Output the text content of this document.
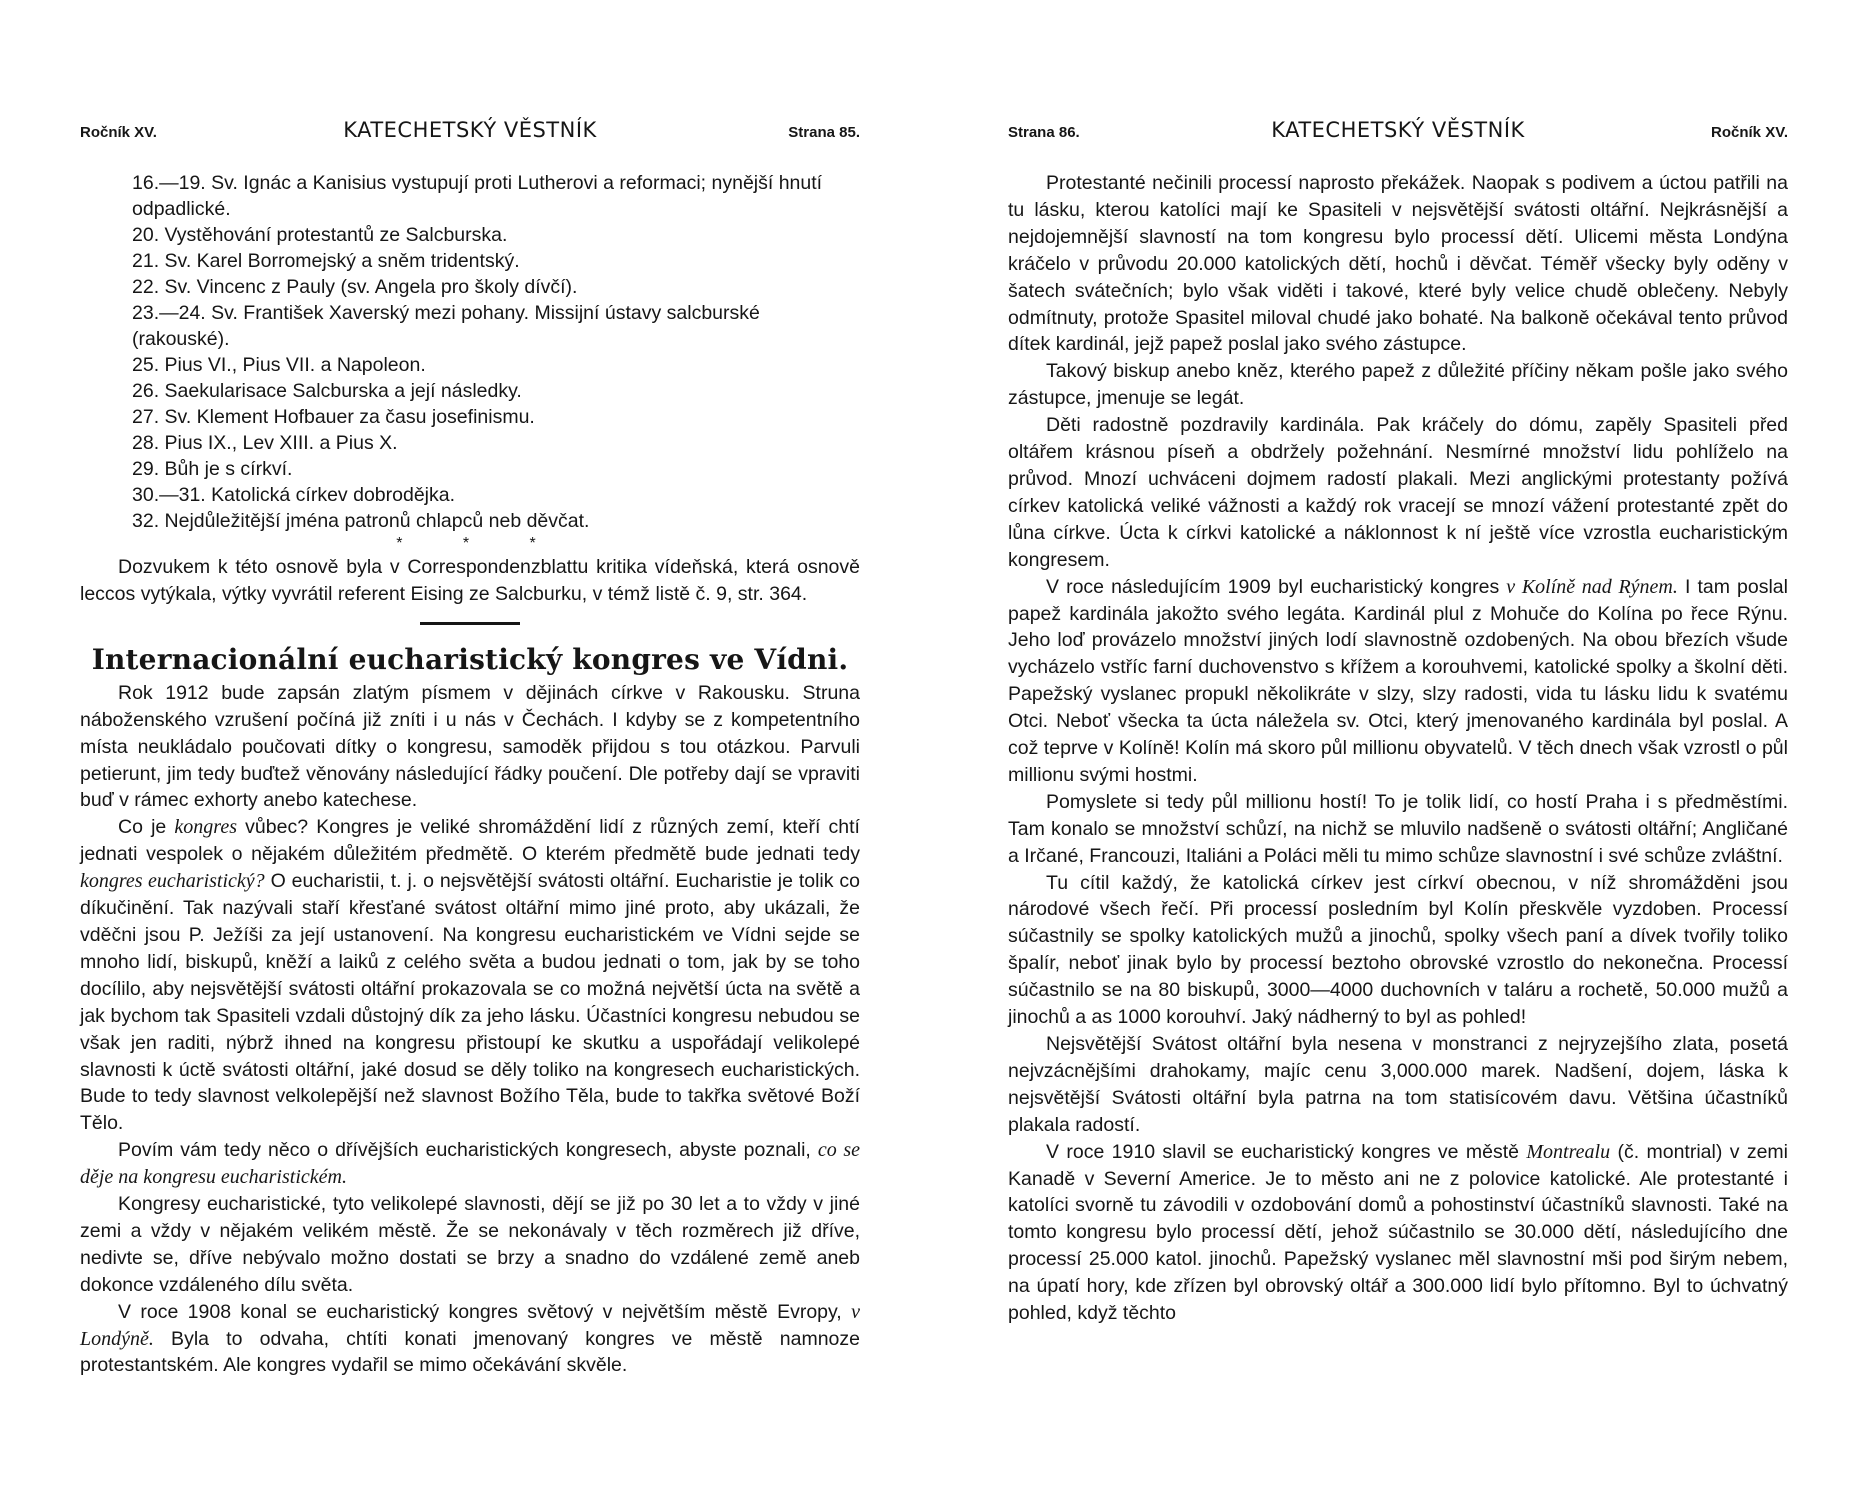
Ročník XV.	KATECHETSKÝ VĚSTNÍK	Strana 85.
16.—19. Sv. Ignác a Kanisius vystupují proti Lutherovi a reformaci; nynější hnutí odpadlické.
20. Vystěhování protestantů ze Salcburska.
21. Sv. Karel Borromejský a sněm tridentský.
22. Sv. Vincenc z Pauly (sv. Angela pro školy dívčí).
23.—24. Sv. František Xaverský mezi pohany. Missijní ústavy salcburské (rakouské).
25. Pius VI., Pius VII. a Napoleon.
26. Saekularisace Salcburska a její následky.
27. Sv. Klement Hofbauer za času josefinismu.
28. Pius IX., Lev XIII. a Pius X.
29. Bůh je s církví.
30.—31. Katolická církev dobrodějka.
32. Nejdůležitější jména patronů chlapců neb děvčat.
* * *

Dozvukem k této osnově byla v Correspondenzblattu kritika vídeňská, která osnově leccos vytýkala, výtky vyvrátil referent Eising ze Salcburku, v témž listě č. 9, str. 364.

Internacionální eucharistický kongres ve Vídni.

Rok 1912 bude zapsán zlatým písmem v dějinách církve v Rakousku. Struna náboženského vzrušení počíná již zníti i u nás v Čechách. I kdyby se z kompetentního místa neukládalo poučovati dítky o kongresu, samoděk přijdou s tou otázkou. Parvuli petierunt, jim tedy buďtež věnovány následující řádky poučení. Dle potřeby dají se vpraviti buď v rámec exhorty anebo katechese.

Co je kongres vůbec? Kongres je veliké shromáždění lidí z různých zemí, kteří chtí jednati vespolek o nějakém důležitém předmětě. O kterém předmětě bude jednati tedy kongres eucharistický? O eucharistii, t. j. o nejsvětější svátosti oltářní. Eucharistie je tolik co díkučinění. Tak nazývali staří křesťané svátost oltářní mimo jiné proto, aby ukázali, že vděčni jsou P. Ježíši za její ustanovení. Na kongresu eucharistickém ve Vídni sejde se mnoho lidí, biskupů, kněží a laiků z celého světa a budou jednati o tom, jak by se toho docílilo, aby nejsvětější svátosti oltářní prokazovala se co možná největší úcta na světě a jak bychom tak Spasiteli vzdali důstojný dík za jeho lásku. Účastníci kongresu nebudou se však jen raditi, nýbrž ihned na kongresu přistoupí ke skutku a uspořádají velikolepé slavnosti k úctě svátosti oltářní, jaké dosud se děly toliko na kongresech eucharistických. Bude to tedy slavnost velkolepější než slavnost Božího Těla, bude to takřka světové Boží Tělo.

Povím vám tedy něco o dřívějších eucharistických kongresech, abyste poznali, co se děje na kongresu eucharistickém.

Kongresy eucharistické, tyto velikolepé slavnosti, dějí se již po 30 let a to vždy v jiné zemi a vždy v nějakém velikém městě. Že se nekonávaly v těch rozměrech již dříve, nedivte se, dříve nebývalo možno dostati se brzy a snadno do vzdálené země aneb dokonce vzdáleného dílu světa.

V roce 1908 konal se eucharistický kongres světový v největším městě Evropy, v Londýně. Byla to odvaha, chtíti konati jmenovaný kongres ve městě namnoze protestantském. Ale kongres vydařil se mimo očekávání skvěle.

Strana 86.	KATECHETSKÝ VĚSTNÍK	Ročník XV.

Protestanté nečinili processí naprosto překážek. Naopak s podivem a úctou patřili na tu lásku, kterou katolíci mají ke Spasiteli v nejsvětější svátosti oltářní. Nejkrásnější a nejdojemnější slavností na tom kongresu bylo processí dětí. Ulicemi města Londýna kráčelo v průvodu 20.000 katolických dětí, hochů i děvčat. Téměř všecky byly oděny v šatech svátečních; bylo však viděti i takové, které byly velice chudě oblečeny. Nebyly odmítnuty, protože Spasitel miloval chudé jako bohaté. Na balkoně očekával tento průvod dítek kardinál, jejž papež poslal jako svého zástupce.

Takový biskup anebo kněz, kterého papež z důležité příčiny někam pošle jako svého zástupce, jmenuje se legát.

Děti radostně pozdravily kardinála. Pak kráčely do dómu, zapěly Spasiteli před oltářem krásnou píseň a obdržely požehnání. Nesmírné množství lidu pohlíželo na průvod. Mnozí uchváceni dojmem radostí plakali. Mezi anglickými protestanty požívá církev katolická veliké vážnosti a každý rok vracejí se mnozí vážení protestanté zpět do lůna církve. Úcta k církvi katolické a náklonnost k ní ještě více vzrostla eucharistickým kongresem.

V roce následujícím 1909 byl eucharistický kongres v Kolíně nad Rýnem. I tam poslal papež kardinála jakožto svého legáta. Kardinál plul z Mohuče do Kolína po řece Rýnu. Jeho loď provázelo množství jiných lodí slavnostně ozdobených. Na obou březích všude vycházelo vstříc farní duchovenstvo s křížem a korouhvemi, katolické spolky a školní děti. Papežský vyslanec propukl několikráte v slzy, slzy radosti, vida tu lásku lidu k svatému Otci. Neboť všecka ta úcta náležela sv. Otci, který jmenovaného kardinála byl poslal. A což teprve v Kolíně! Kolín má skoro půl millionu obyvatelů. V těch dnech však vzrostl o půl millionu svými hostmi.

Pomyslete si tedy půl millionu hostí! To je tolik lidí, co hostí Praha i s předměstími. Tam konalo se množství schůzí, na nichž se mluvilo nadšeně o svátosti oltářní; Angličané a Irčané, Francouzi, Italiáni a Poláci měli tu mimo schůze slavnostní i své schůze zvláštní.

Tu cítil každý, že katolická církev jest církví obecnou, v níž shromážděni jsou národové všech řečí. Při processí posledním byl Kolín přeskvěle vyzdoben. Processí súčastnily se spolky katolických mužů a jinochů, spolky všech paní a dívek tvořily toliko špalír, neboť jinak bylo by processí beztoho obrovské vzrostlo do nekonečna. Processí súčastnilo se na 80 biskupů, 3000—4000 duchovních v taláru a rochetě, 50.000 mužů a jinochů a as 1000 korouhví. Jaký nádherný to byl as pohled!

Nejsvětější Svátost oltářní byla nesena v monstranci z nejryzejšího zlata, posetá nejvzácnějšími drahokamy, majíc cenu 3,000.000 marek. Nadšení, dojem, láska k nejsvětější Svátosti oltářní byla patrna na tom statisícovém davu. Většina účastníků plakala radostí.

V roce 1910 slavil se eucharistický kongres ve městě Montrealu (č. montrial) v zemi Kanadě v Severní Americe. Je to město ani ne z polovice katolické. Ale protestanté i katolíci svorně tu závodili v ozdobování domů a pohostinství účastníků slavnosti. Také na tomto kongresu bylo processí dětí, jehož súčastnilo se 30.000 dětí, následujícího dne processí 25.000 katol. jinochů. Papežský vyslanec měl slavnostní mši pod širým nebem, na úpatí hory, kde zřízen byl obrovský oltář a 300.000 lidí bylo přítomno. Byl to úchvatný pohled, když těchto
